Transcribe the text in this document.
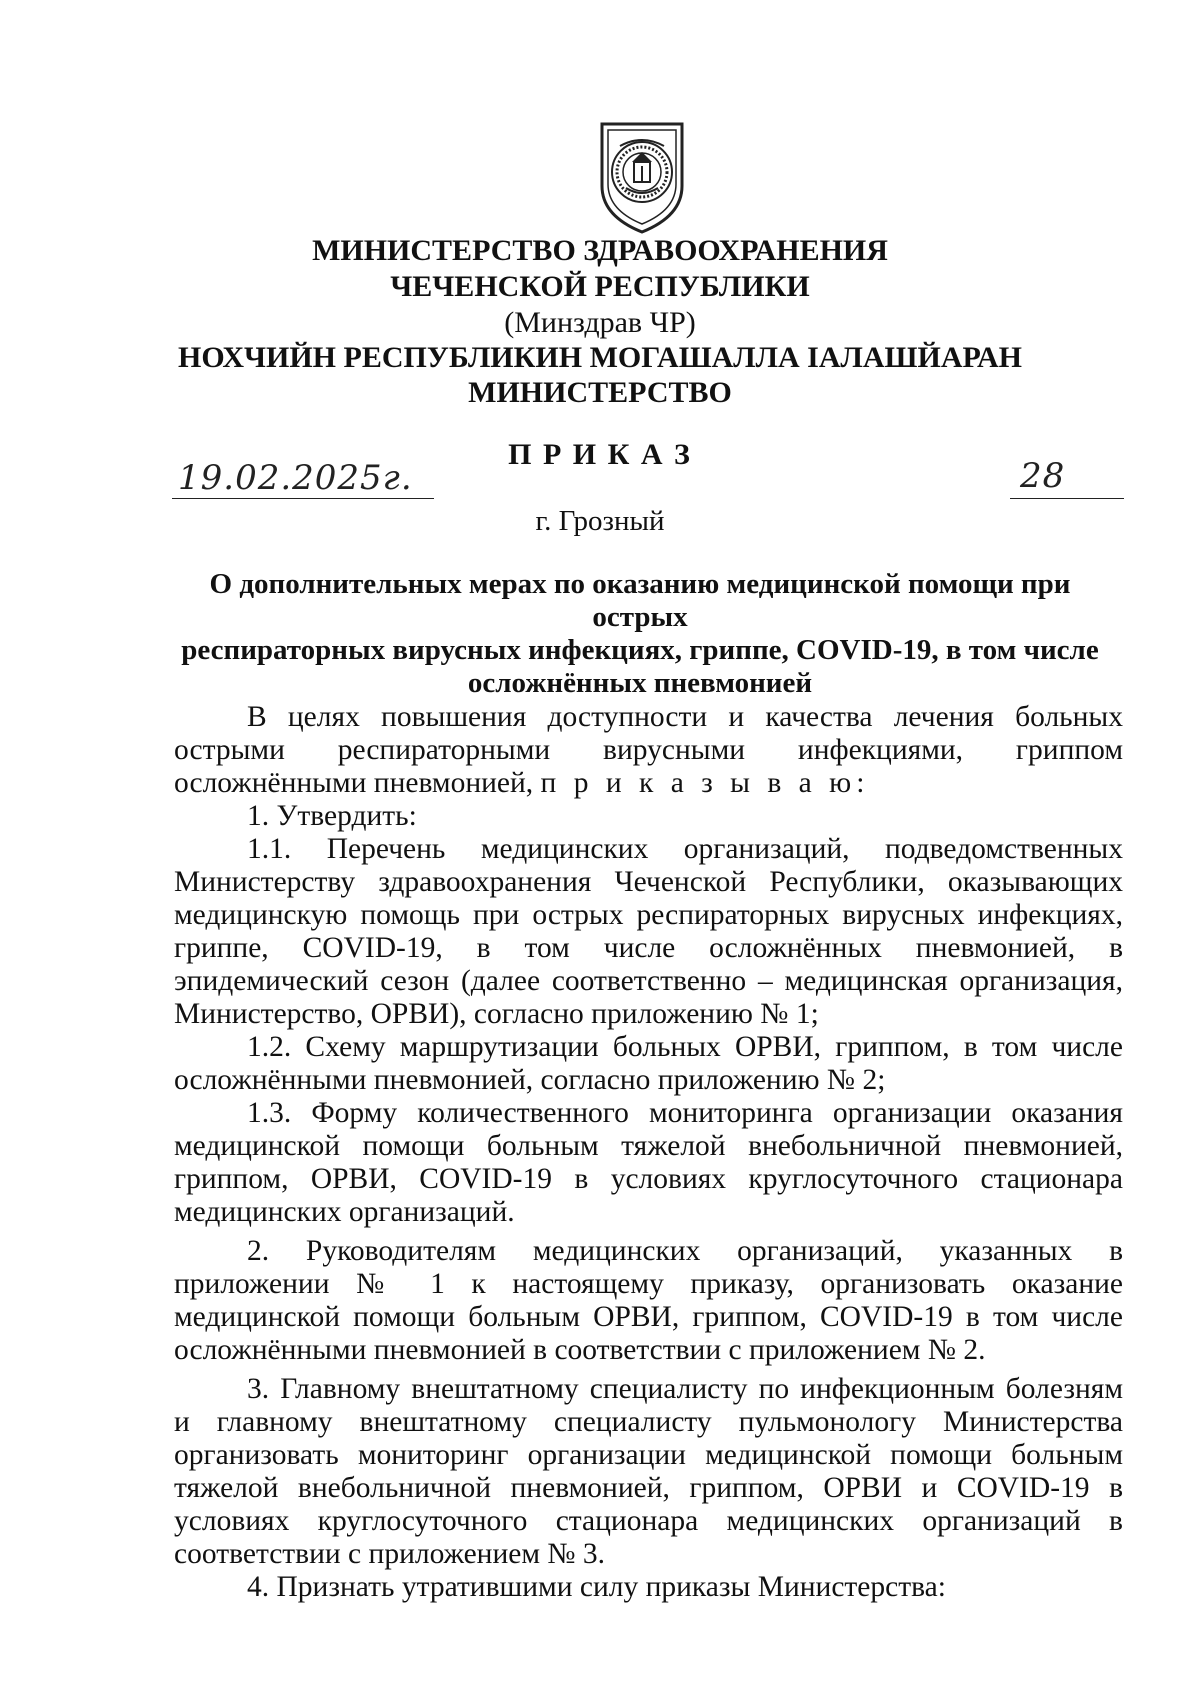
МИНИСТЕРСТВО ЗДРАВООХРАНЕНИЯ
ЧЕЧЕНСКОЙ РЕСПУБЛИКИ
(Минздрав ЧР)
НОХЧИЙН РЕСПУБЛИКИН МОГАШАЛЛА IАЛАШЙАРАН
МИНИСТЕРСТВО
П Р И К А З
19.02.2025г.	28
г. Грозный
О дополнительных мерах по оказанию медицинской помощи при острых
респираторных вирусных инфекциях, гриппе, COVID-19, в том числе
осложнённых пневмонией

В целях повышения доступности и качества лечения больных острыми респираторными вирусными инфекциями, гриппом осложнёнными пневмонией, п р и к а з ы в а ю:

1. Утвердить:

1.1. Перечень медицинских организаций, подведомственных Министерству здравоохранения Чеченской Республики, оказывающих медицинскую помощь при острых респираторных вирусных инфекциях, гриппе, COVID-19, в том числе осложнённых пневмонией, в эпидемический сезон (далее соответственно – медицинская организация, Министерство, ОРВИ), согласно приложению № 1;

1.2. Схему маршрутизации больных ОРВИ, гриппом, в том числе осложнёнными пневмонией, согласно приложению № 2;

1.3. Форму количественного мониторинга организации оказания медицинской помощи больным тяжелой внебольничной пневмонией, гриппом, ОРВИ, COVID-19 в условиях круглосуточного стационара медицинских организаций.

2. Руководителям медицинских организаций, указанных в приложении № 1 к настоящему приказу, организовать оказание медицинской помощи больным ОРВИ, гриппом, COVID-19 в том числе осложнёнными пневмонией в соответствии с приложением № 2.

3. Главному внештатному специалисту по инфекционным болезням и главному внештатному специалисту пульмонологу Министерства организовать мониторинг организации медицинской помощи больным тяжелой внебольничной пневмонией, гриппом, ОРВИ и COVID-19 в условиях круглосуточного стационара медицинских организаций в соответствии с приложением № 3.

4. Признать утратившими силу приказы Министерства:
